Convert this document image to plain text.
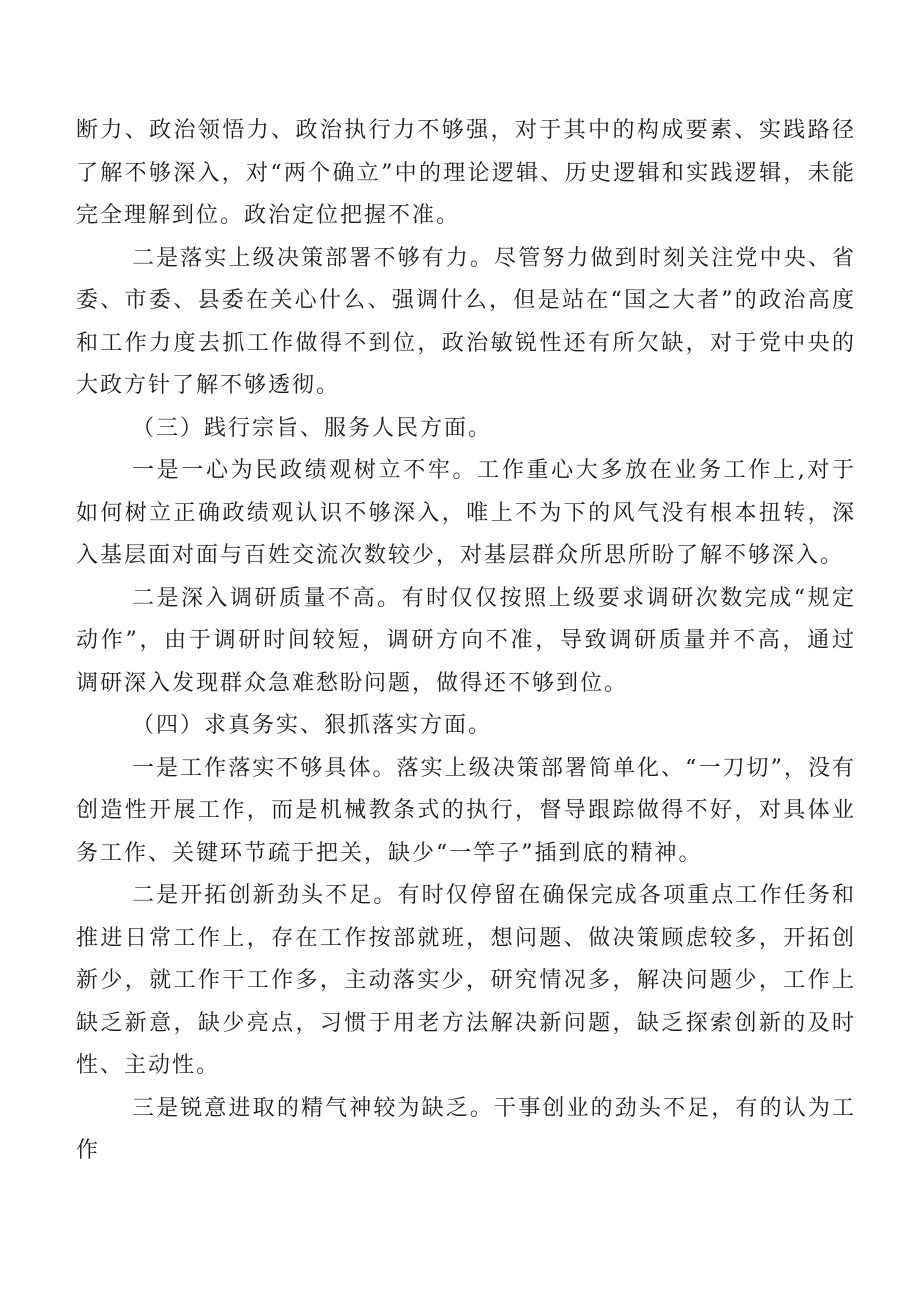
断力、政治领悟力、政治执行力不够强，对于其中的构成要素、实践路径了解不够深入，对“两个确立”中的理论逻辑、历史逻辑和实践逻辑，未能完全理解到位。政治定位把握不准。

二是落实上级决策部署不够有力。尽管努力做到时刻关注党中央、省委、市委、县委在关心什么、强调什么，但是站在“国之大者”的政治高度和工作力度去抓工作做得不到位，政治敏锐性还有所欠缺，对于党中央的大政方针了解不够透彻。

（三）践行宗旨、服务人民方面。

一是一心为民政绩观树立不牢。工作重心大多放在业务工作上,对于如何树立正确政绩观认识不够深入，唯上不为下的风气没有根本扭转，深入基层面对面与百姓交流次数较少，对基层群众所思所盼了解不够深入。

二是深入调研质量不高。有时仅仅按照上级要求调研次数完成“规定动作”，由于调研时间较短，调研方向不准，导致调研质量并不高，通过调研深入发现群众急难愁盼问题，做得还不够到位。

（四）求真务实、狠抓落实方面。

一是工作落实不够具体。落实上级决策部署简单化、“一刀切”，没有创造性开展工作，而是机械教条式的执行，督导跟踪做得不好，对具体业务工作、关键环节疏于把关，缺少“一竿子”插到底的精神。

二是开拓创新劲头不足。有时仅停留在确保完成各项重点工作任务和推进日常工作上，存在工作按部就班，想问题、做决策顾虑较多，开拓创新少，就工作干工作多，主动落实少，研究情况多，解决问题少，工作上缺乏新意，缺少亮点，习惯于用老方法解决新问题，缺乏探索创新的及时性、主动性。

三是锐意进取的精气神较为缺乏。干事创业的劲头不足，有的认为工作
